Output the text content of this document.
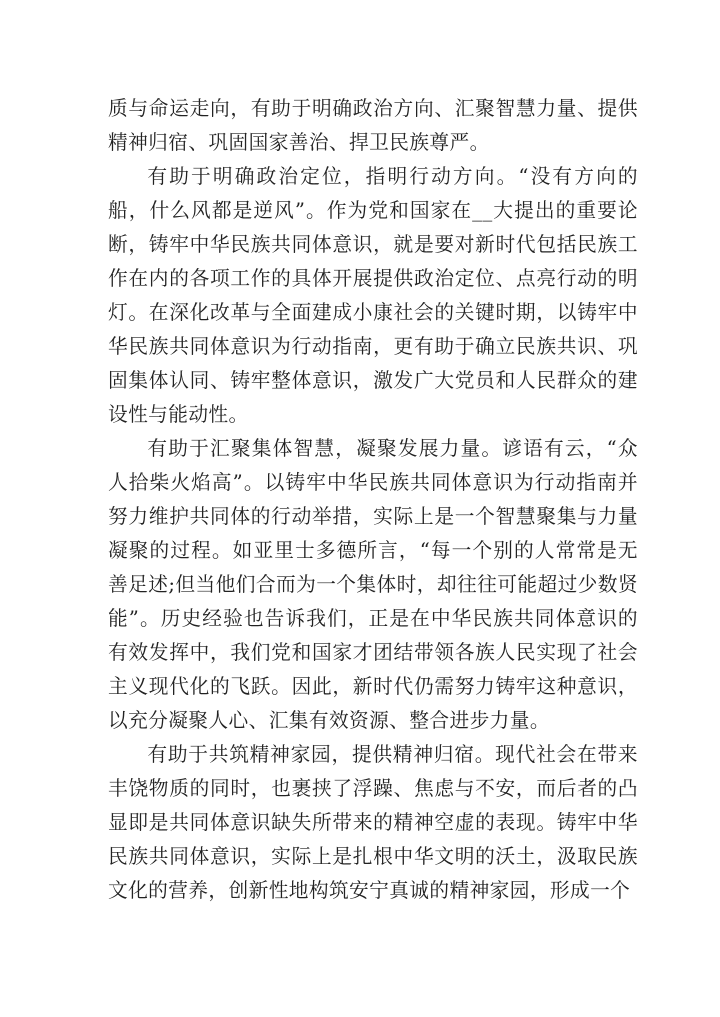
质与命运走向，有助于明确政治方向、汇聚智慧力量、提供精神归宿、巩固国家善治、捍卫民族尊严。

有助于明确政治定位，指明行动方向。“没有方向的船，什么风都是逆风”。作为党和国家在__大提出的重要论断，铸牢中华民族共同体意识，就是要对新时代包括民族工作在内的各项工作的具体开展提供政治定位、点亮行动的明灯。在深化改革与全面建成小康社会的关键时期，以铸牢中华民族共同体意识为行动指南，更有助于确立民族共识、巩固集体认同、铸牢整体意识，激发广大党员和人民群众的建设性与能动性。

有助于汇聚集体智慧，凝聚发展力量。谚语有云，“众人拾柴火焰高”。以铸牢中华民族共同体意识为行动指南并努力维护共同体的行动举措，实际上是一个智慧聚集与力量凝聚的过程。如亚里士多德所言，“每一个别的人常常是无善足述;但当他们合而为一个集体时，却往往可能超过少数贤能”。历史经验也告诉我们，正是在中华民族共同体意识的有效发挥中，我们党和国家才团结带领各族人民实现了社会主义现代化的飞跃。因此，新时代仍需努力铸牢这种意识，以充分凝聚人心、汇集有效资源、整合进步力量。

有助于共筑精神家园，提供精神归宿。现代社会在带来丰饶物质的同时，也裹挟了浮躁、焦虑与不安，而后者的凸显即是共同体意识缺失所带来的精神空虚的表现。铸牢中华民族共同体意识，实际上是扎根中华文明的沃土，汲取民族文化的营养，创新性地构筑安宁真诚的精神家园，形成一个
